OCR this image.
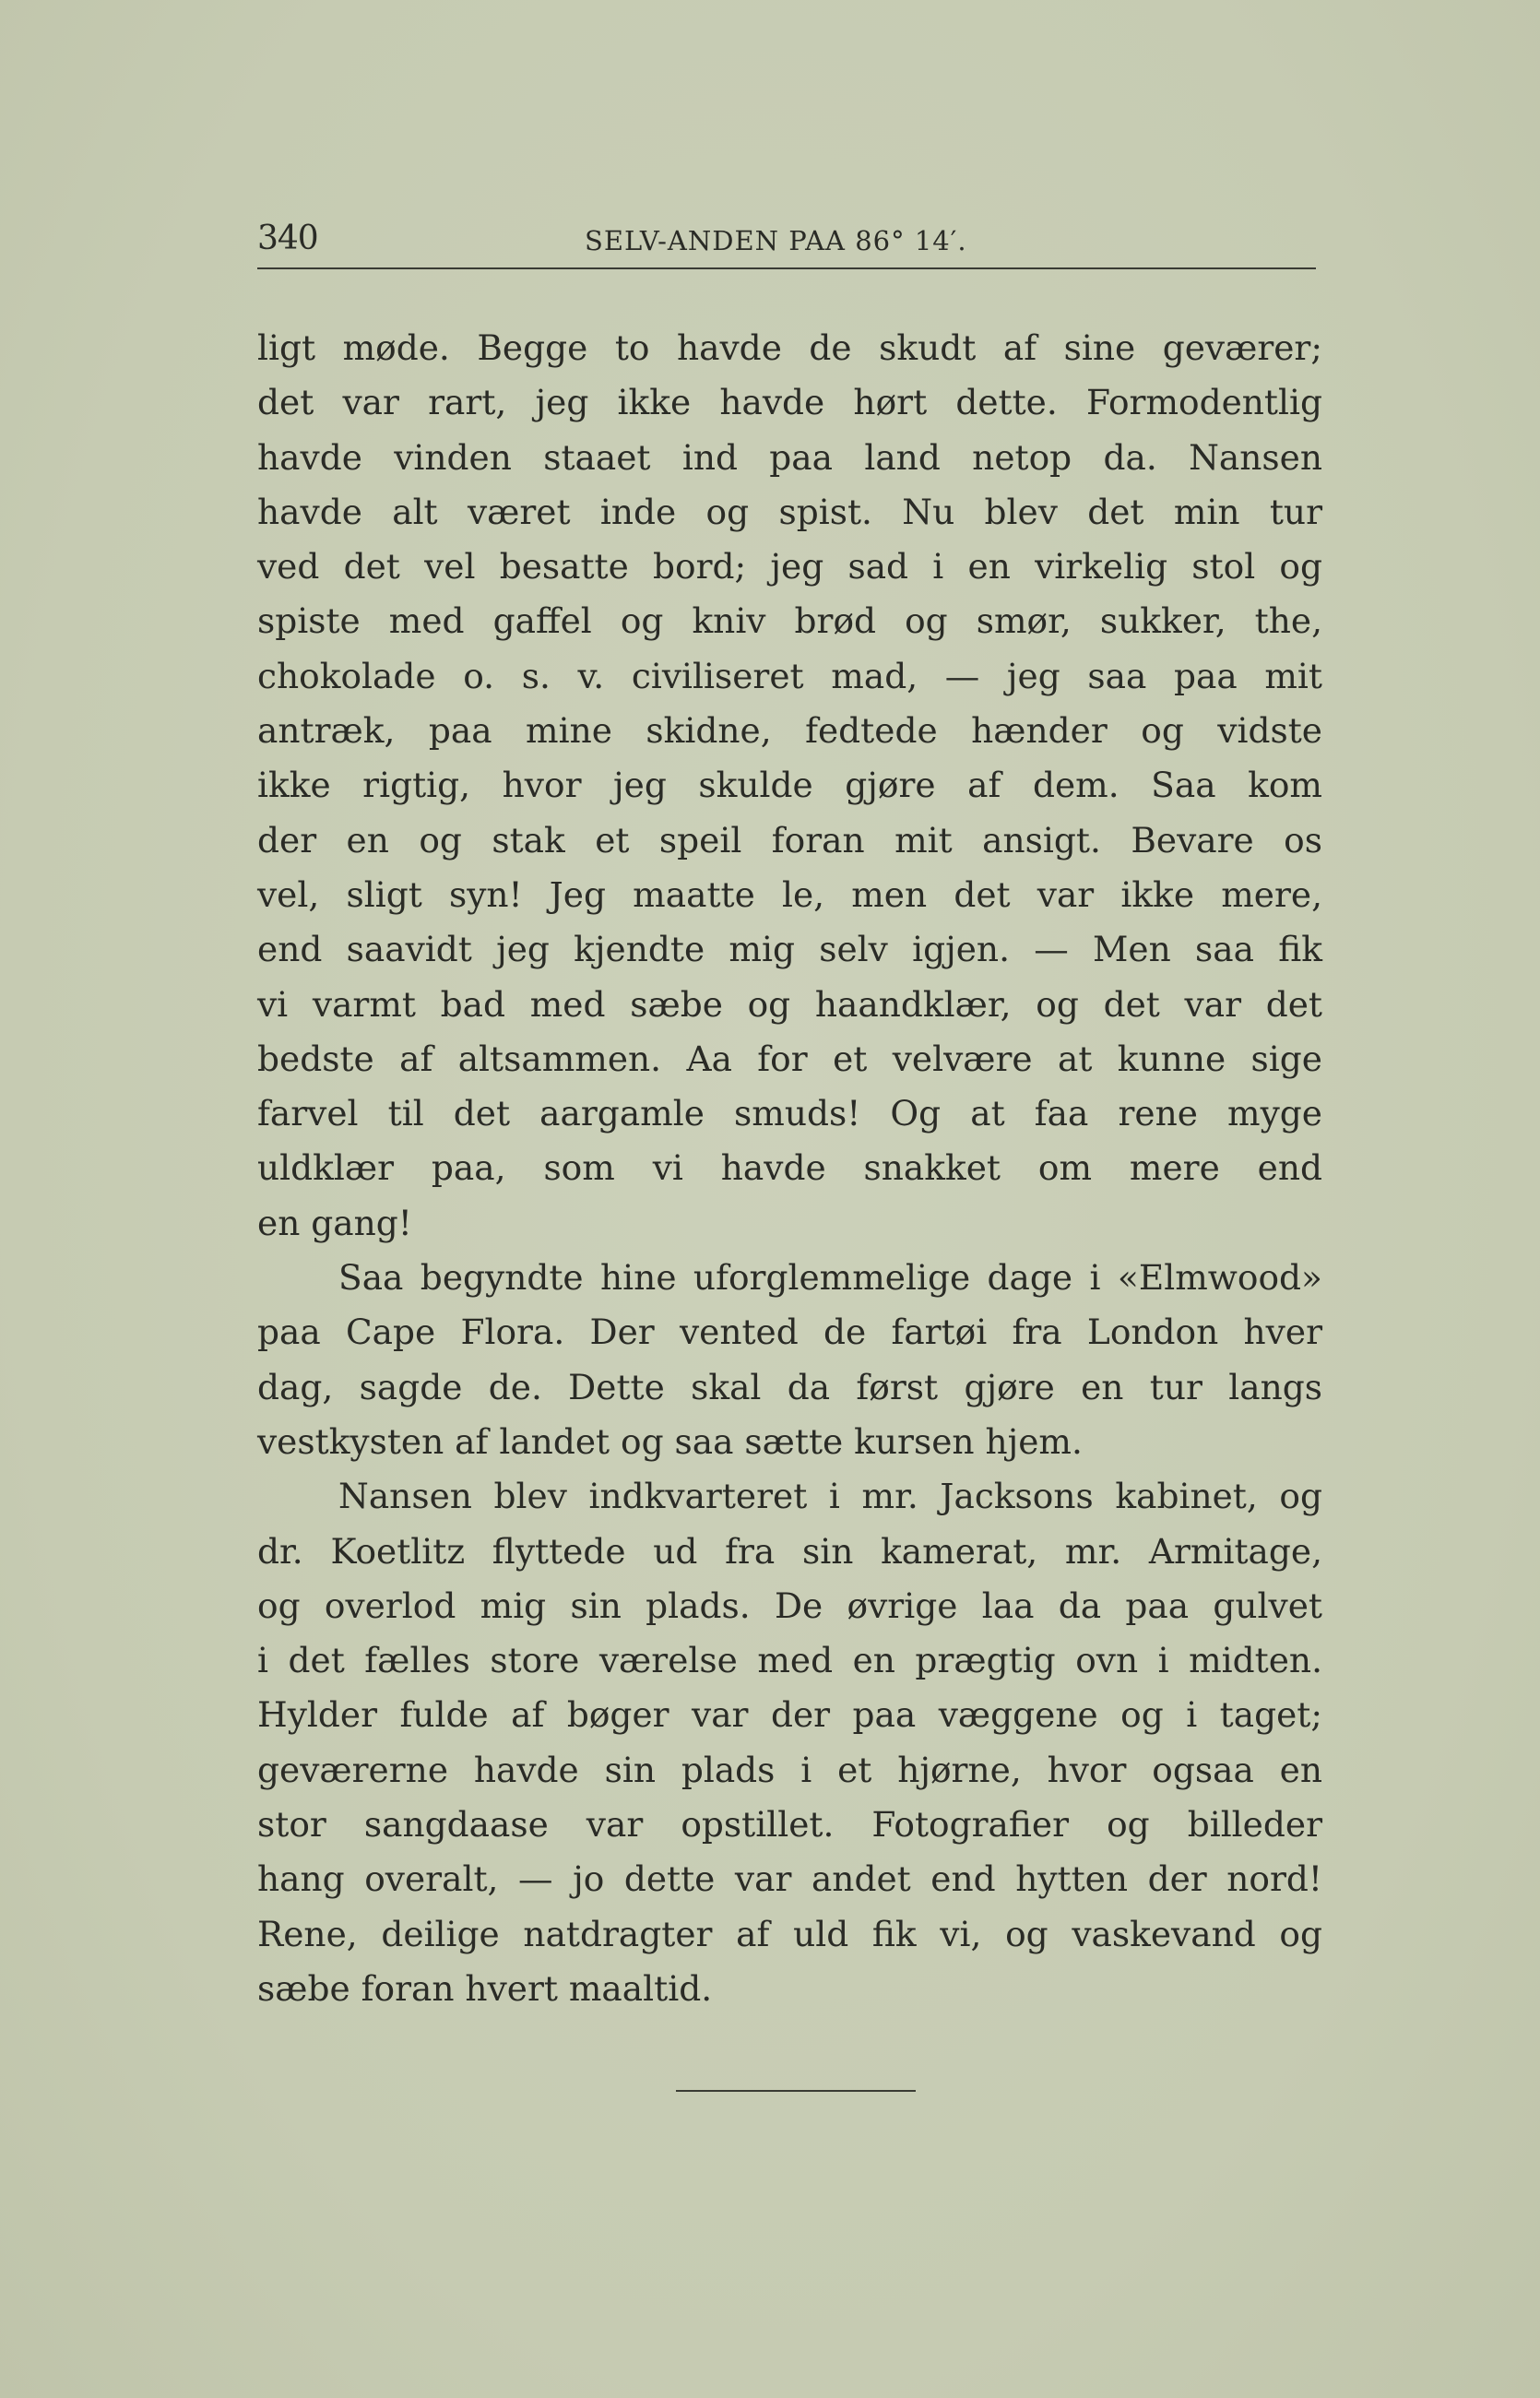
340	SELV-ANDEN PAA 86° 14′.
ligt møde. Begge to havde de skudt af sine geværer;
det var rart, jeg ikke havde hørt dette. Formodentlig
havde vinden staaet ind paa land netop da. Nansen
havde alt været inde og spist. Nu blev det min tur
ved det vel besatte bord; jeg sad i en virkelig stol og
spiste med gaffel og kniv brød og smør, sukker, the,
chokolade o. s. v. civiliseret mad, — jeg saa paa mit
antræk, paa mine skidne, fedtede hænder og vidste
ikke rigtig, hvor jeg skulde gjøre af dem. Saa kom
der en og stak et speil foran mit ansigt. Bevare os
vel, sligt syn! Jeg maatte le, men det var ikke mere,
end saavidt jeg kjendte mig selv igjen. — Men saa fik
vi varmt bad med sæbe og haandklær, og det var det
bedste af altsammen. Aa for et velvære at kunne sige
farvel til det aargamle smuds! Og at faa rene myge
uldklær paa, som vi havde snakket om mere end
en gang!
Saa begyndte hine uforglemmelige dage i «Elmwood»
paa Cape Flora. Der vented de fartøi fra London hver
dag, sagde de. Dette skal da først gjøre en tur langs
vestkysten af landet og saa sætte kursen hjem.
Nansen blev indkvarteret i mr. Jacksons kabinet, og
dr. Koetlitz flyttede ud fra sin kamerat, mr. Armitage,
og overlod mig sin plads. De øvrige laa da paa gulvet
i det fælles store værelse med en prægtig ovn i midten.
Hylder fulde af bøger var der paa væggene og i taget;
geværerne havde sin plads i et hjørne, hvor ogsaa en
stor sangdaase var opstillet. Fotografier og billeder
hang overalt, — jo dette var andet end hytten der nord!
Rene, deilige natdragter af uld fik vi, og vaskevand og
sæbe foran hvert maaltid.
